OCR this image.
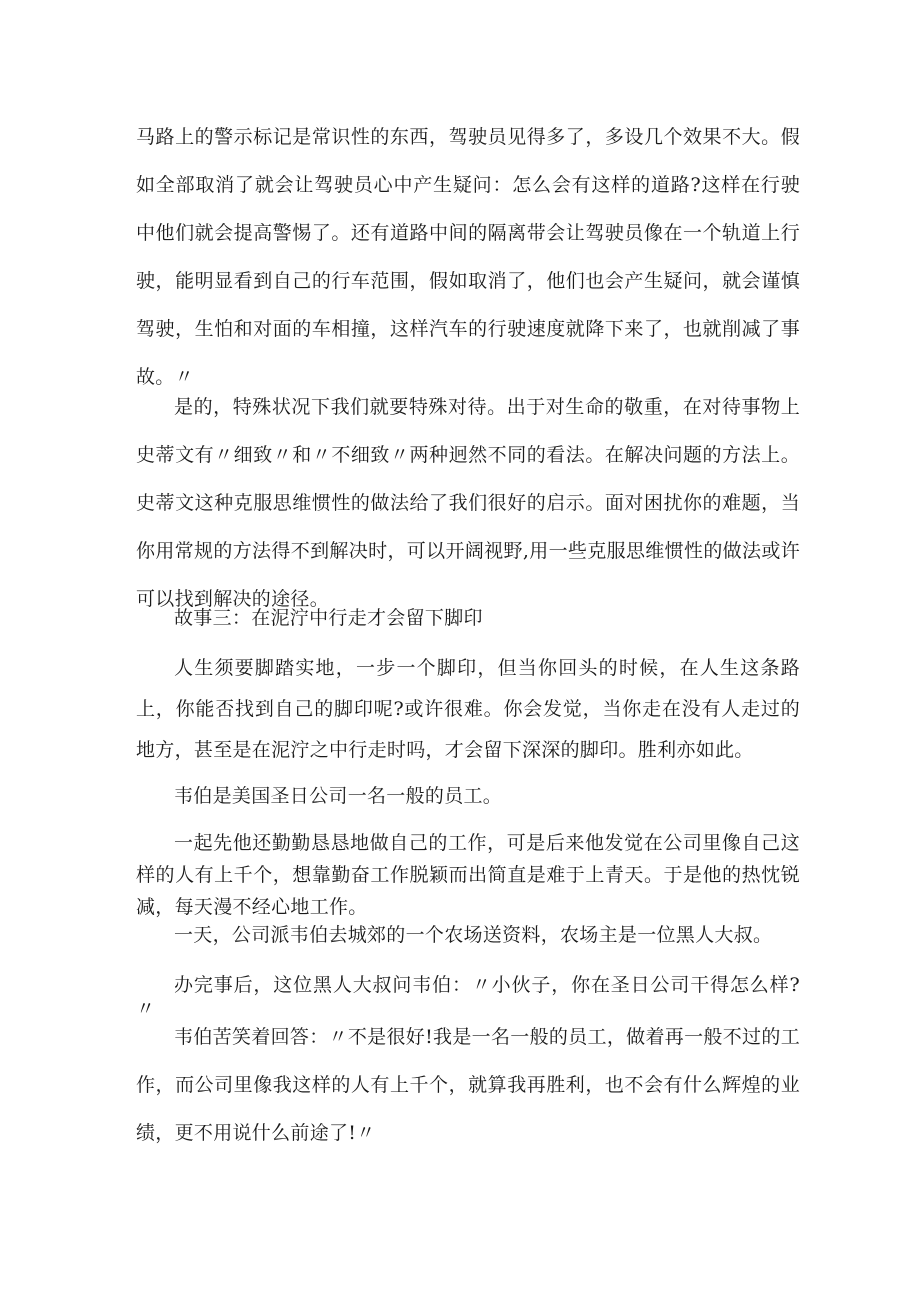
马路上的警示标记是常识性的东西，驾驶员见得多了，多设几个效果不大。假如全部取消了就会让驾驶员心中产生疑问：怎么会有这样的道路?这样在行驶中他们就会提高警惕了。还有道路中间的隔离带会让驾驶员像在一个轨道上行驶，能明显看到自己的行车范围，假如取消了，他们也会产生疑问，就会谨慎驾驶，生怕和对面的车相撞，这样汽车的行驶速度就降下来了，也就削减了事故。〃

是的，特殊状况下我们就要特殊对待。出于对生命的敬重，在对待事物上史蒂文有〃细致〃和〃不细致〃两种迥然不同的看法。在解决问题的方法上。史蒂文这种克服思维惯性的做法给了我们很好的启示。面对困扰你的难题，当你用常规的方法得不到解决时，可以开阔视野,用一些克服思维惯性的做法或许可以找到解决的途径。

故事三：在泥泞中行走才会留下脚印

人生须要脚踏实地，一步一个脚印，但当你回头的时候，在人生这条路上，你能否找到自己的脚印呢?或许很难。你会发觉，当你走在没有人走过的地方，甚至是在泥泞之中行走时吗，才会留下深深的脚印。胜利亦如此。

韦伯是美国圣日公司一名一般的员工。

一起先他还勤勤恳恳地做自己的工作，可是后来他发觉在公司里像自己这样的人有上千个，想靠勤奋工作脱颖而出简直是难于上青天。于是他的热忱锐减，每天漫不经心地工作。

一天，公司派韦伯去城郊的一个农场送资料，农场主是一位黑人大叔。

办完事后，这位黑人大叔问韦伯：〃小伙子，你在圣日公司干得怎么样?〃

韦伯苦笑着回答：〃不是很好!我是一名一般的员工，做着再一般不过的工作，而公司里像我这样的人有上千个，就算我再胜利，也不会有什么辉煌的业绩，更不用说什么前途了!〃
